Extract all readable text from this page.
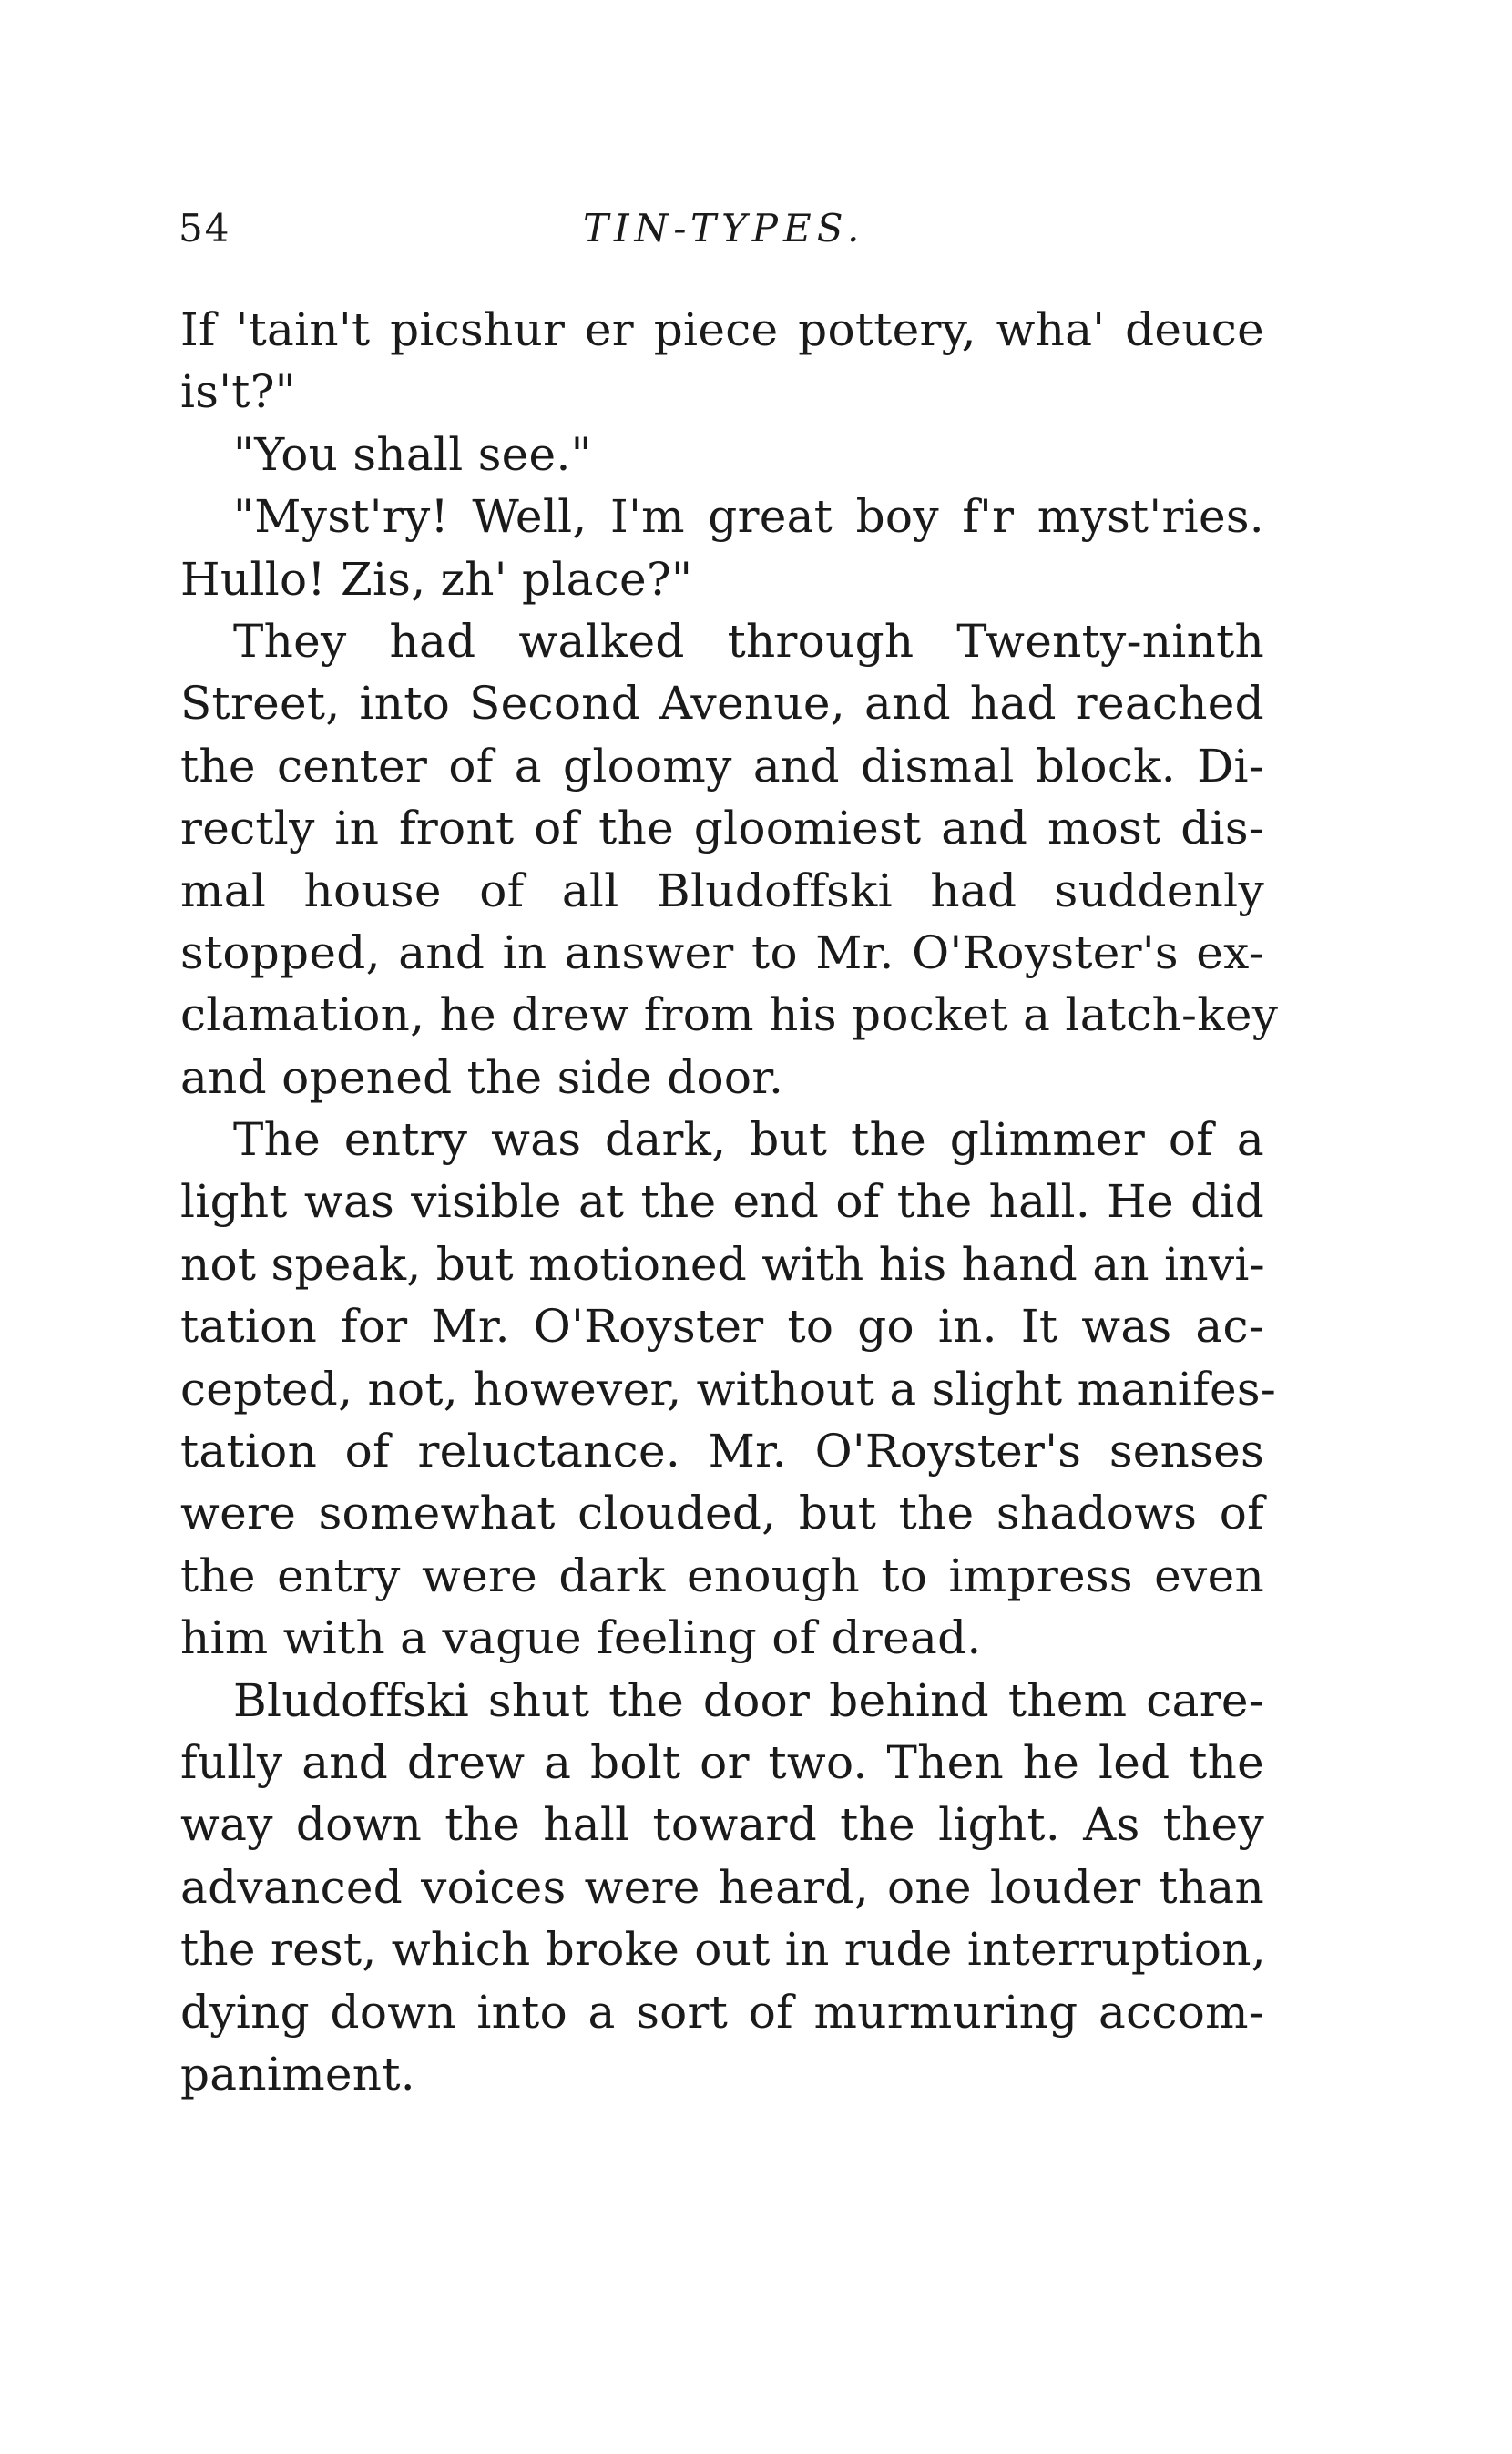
54	TIN-TYPES.
If 'tain't picshur er piece pottery, wha' deuce
is't?"
"You shall see."
"Myst'ry! Well, I'm great boy f'r myst'ries.
Hullo! Zis, zh' place?"
They had walked through Twenty-ninth
Street, into Second Avenue, and had reached
the center of a gloomy and dismal block. Di-
rectly in front of the gloomiest and most dis-
mal house of all Bludoffski had suddenly
stopped, and in answer to Mr. O'Royster's ex-
clamation, he drew from his pocket a latch-key
and opened the side door.
The entry was dark, but the glimmer of a
light was visible at the end of the hall. He did
not speak, but motioned with his hand an invi-
tation for Mr. O'Royster to go in. It was ac-
cepted, not, however, without a slight manifes-
tation of reluctance. Mr. O'Royster's senses
were somewhat clouded, but the shadows of
the entry were dark enough to impress even
him with a vague feeling of dread.
Bludoffski shut the door behind them care-
fully and drew a bolt or two. Then he led the
way down the hall toward the light. As they
advanced voices were heard, one louder than
the rest, which broke out in rude interruption,
dying down into a sort of murmuring accom-
paniment.
